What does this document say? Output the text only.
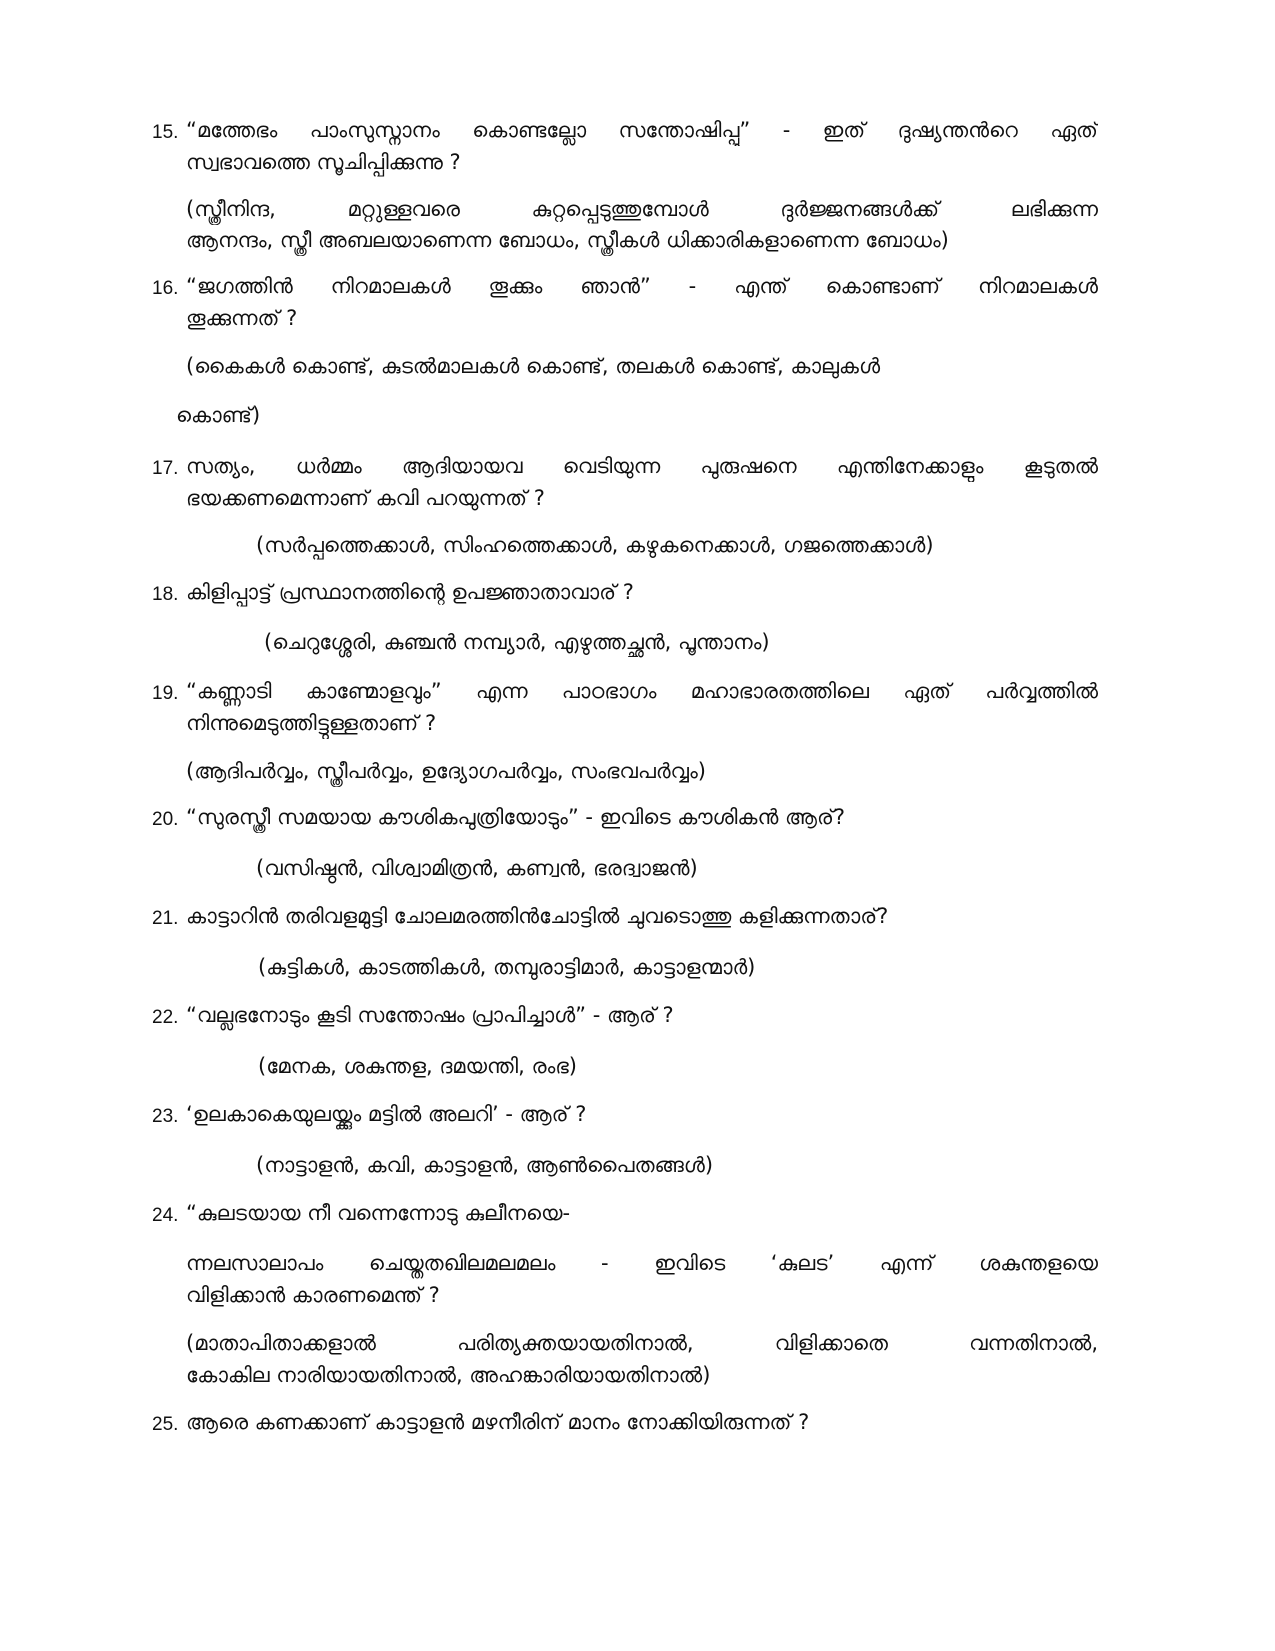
15. “മത്തേഭം പാംസുസ്നാനം കൊണ്ടല്ലോ സന്തോഷിപ്പൂ” - ഇത് ദുഷ്യന്തൻറെ ഏത്
സ്വഭാവത്തെ സൂചിപ്പിക്കുന്നു ?
(സ്ത്രീനിന്ദ, മറ്റുള്ളവരെ കുറ്റപ്പെടുത്തുമ്പോൾ ദുർജ്ജനങ്ങൾക്ക് ലഭിക്കുന്ന
ആനന്ദം, സ്ത്രീ അബലയാണെന്ന ബോധം, സ്ത്രീകൾ ധിക്കാരികളാണെന്ന ബോധം)
16. “ജഗത്തിൻ നിറമാലകൾ തൂക്കും ഞാൻ” - എന്ത് കൊണ്ടാണ് നിറമാലകൾ
തൂക്കുന്നത് ?
(കൈകൾ കൊണ്ട്, കുടൽമാലകൾ കൊണ്ട്, തലകൾ കൊണ്ട്, കാലുകൾ
കൊണ്ട്)
17. സത്യം, ധർമ്മം ആദിയായവ വെടിയുന്ന പുരുഷനെ എന്തിനേക്കാളും കൂടുതൽ
ഭയക്കണമെന്നാണ് കവി പറയുന്നത് ?
(സർപ്പത്തെക്കാൾ, സിംഹത്തെക്കാൾ, കഴുകനെക്കാൾ, ഗജത്തെക്കാൾ)
18. കിളിപ്പാട്ട് പ്രസ്ഥാനത്തിന്റെ ഉപജ്ഞാതാവാര് ?
(ചെറുശ്ശേരി, കുഞ്ചൻ നമ്പ്യാർ, എഴുത്തച്ഛൻ, പൂന്താനം)
19. “കണ്ണാടി കാണ്മോളവും” എന്ന പാഠഭാഗം മഹാഭാരതത്തിലെ ഏത് പർവ്വത്തിൽ
നിന്നുമെടുത്തിട്ടുള്ളതാണ് ?
(ആദിപർവ്വം, സ്ത്രീപർവ്വം, ഉദ്യോഗപർവ്വം, സംഭവപർവ്വം)
20. “സുരസ്ത്രീ സമയായ കൗശികപുത്രിയോടും” - ഇവിടെ കൗശികൻ ആര്?
(വസിഷ്ഠൻ, വിശ്വാമിത്രൻ, കണ്വൻ, ഭരദ്വാജൻ)
21. കാട്ടാറിൻ തരിവളമുട്ടി ചോലമരത്തിൻചോട്ടിൽ ചുവടൊത്തു കളിക്കുന്നതാര്?
(കുട്ടികൾ, കാടത്തികൾ, തമ്പുരാട്ടിമാർ, കാട്ടാളന്മാർ)
22. “വല്ലഭനോടും കൂടി സന്തോഷം പ്രാപിച്ചാൾ” - ആര് ?
(മേനക, ശകുന്തള, ദമയന്തി, രംഭ)
23. ‘ഉലകാകെയുലയ്ക്കും മട്ടിൽ അലറി’ - ആര് ?
(നാട്ടാളൻ, കവി, കാട്ടാളൻ, ആൺപൈതങ്ങൾ)
24. “കുലടയായ നീ വന്നെന്നോടു കുലീനയെ-
ന്നലസാലാപം ചെയ്തതഖിലമലമലം - ഇവിടെ ‘കുലട’ എന്ന് ശകുന്തളയെ
വിളിക്കാൻ കാരണമെന്ത് ?
(മാതാപിതാക്കളാൽ പരിത്യക്തയായതിനാൽ, വിളിക്കാതെ വന്നതിനാൽ,
കോകില നാരിയായതിനാൽ, അഹങ്കാരിയായതിനാൽ)
25. ആരെ കണക്കാണ് കാട്ടാളൻ മഴനീരിന് മാനം നോക്കിയിരുന്നത് ?
